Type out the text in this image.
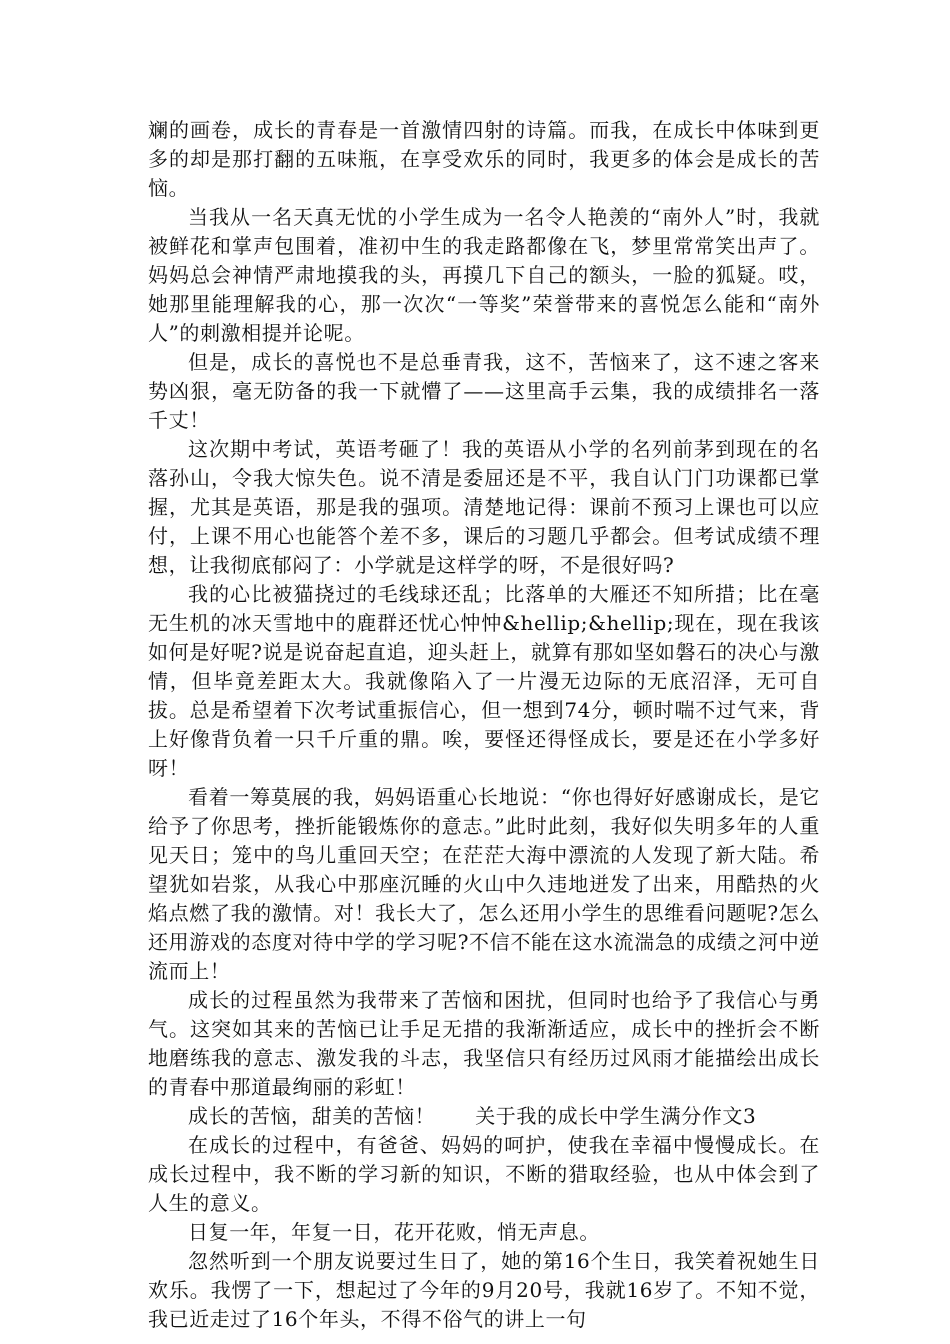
斓的画卷，成长的青春是一首激情四射的诗篇。而我，在成长中体味到更多的却是那打翻的五味瓶，在享受欢乐的同时，我更多的体会是成长的苦恼。

当我从一名天真无忧的小学生成为一名令人艳羡的“南外人”时，我就被鲜花和掌声包围着，准初中生的我走路都像在飞，梦里常常笑出声了。妈妈总会神情严肃地摸我的头，再摸几下自己的额头，一脸的狐疑。哎，她那里能理解我的心，那一次次“一等奖”荣誉带来的喜悦怎么能和“南外人”的刺激相提并论呢。

但是，成长的喜悦也不是总垂青我，这不，苦恼来了，这不速之客来势凶狠，毫无防备的我一下就懵了——这里高手云集，我的成绩排名一落千丈！

这次期中考试，英语考砸了！我的英语从小学的名列前茅到现在的名落孙山，令我大惊失色。说不清是委屈还是不平，我自认门门功课都已掌握，尤其是英语，那是我的强项。清楚地记得：课前不预习上课也可以应付，上课不用心也能答个差不多，课后的习题几乎都会。但考试成绩不理想，让我彻底郁闷了：小学就是这样学的呀，不是很好吗?

我的心比被猫挠过的毛线球还乱；比落单的大雁还不知所措；比在毫无生机的冰天雪地中的鹿群还忧心忡忡&hellip;&hellip;现在，现在我该如何是好呢?说是说奋起直追，迎头赶上，就算有那如坚如磐石的决心与激情，但毕竟差距太大。我就像陷入了一片漫无边际的无底沼泽，无可自拔。总是希望着下次考试重振信心，但一想到74分，顿时喘不过气来，背上好像背负着一只千斤重的鼎。唉，要怪还得怪成长，要是还在小学多好呀！

看着一筹莫展的我，妈妈语重心长地说：“你也得好好感谢成长，是它给予了你思考，挫折能锻炼你的意志。”此时此刻，我好似失明多年的人重见天日；笼中的鸟儿重回天空；在茫茫大海中漂流的人发现了新大陆。希望犹如岩浆，从我心中那座沉睡的火山中久违地迸发了出来，用酷热的火焰点燃了我的激情。对！我长大了，怎么还用小学生的思维看问题呢?怎么还用游戏的态度对待中学的学习呢?不信不能在这水流湍急的成绩之河中逆流而上！

成长的过程虽然为我带来了苦恼和困扰，但同时也给予了我信心与勇气。这突如其来的苦恼已让手足无措的我渐渐适应，成长中的挫折会不断地磨练我的意志、激发我的斗志，我坚信只有经历过风雨才能描绘出成长的青春中那道最绚丽的彩虹！

成长的苦恼，甜美的苦恼！ 关于我的成长中学生满分作文3

在成长的过程中，有爸爸、妈妈的呵护，使我在幸福中慢慢成长。在成长过程中，我不断的学习新的知识，不断的猎取经验，也从中体会到了人生的意义。

日复一年，年复一日，花开花败，悄无声息。

忽然听到一个朋友说要过生日了，她的第16个生日，我笑着祝她生日欢乐。我愣了一下，想起过了今年的9月20号，我就16岁了。不知不觉，我已近走过了16个年头，不得不俗气的讲上一句
